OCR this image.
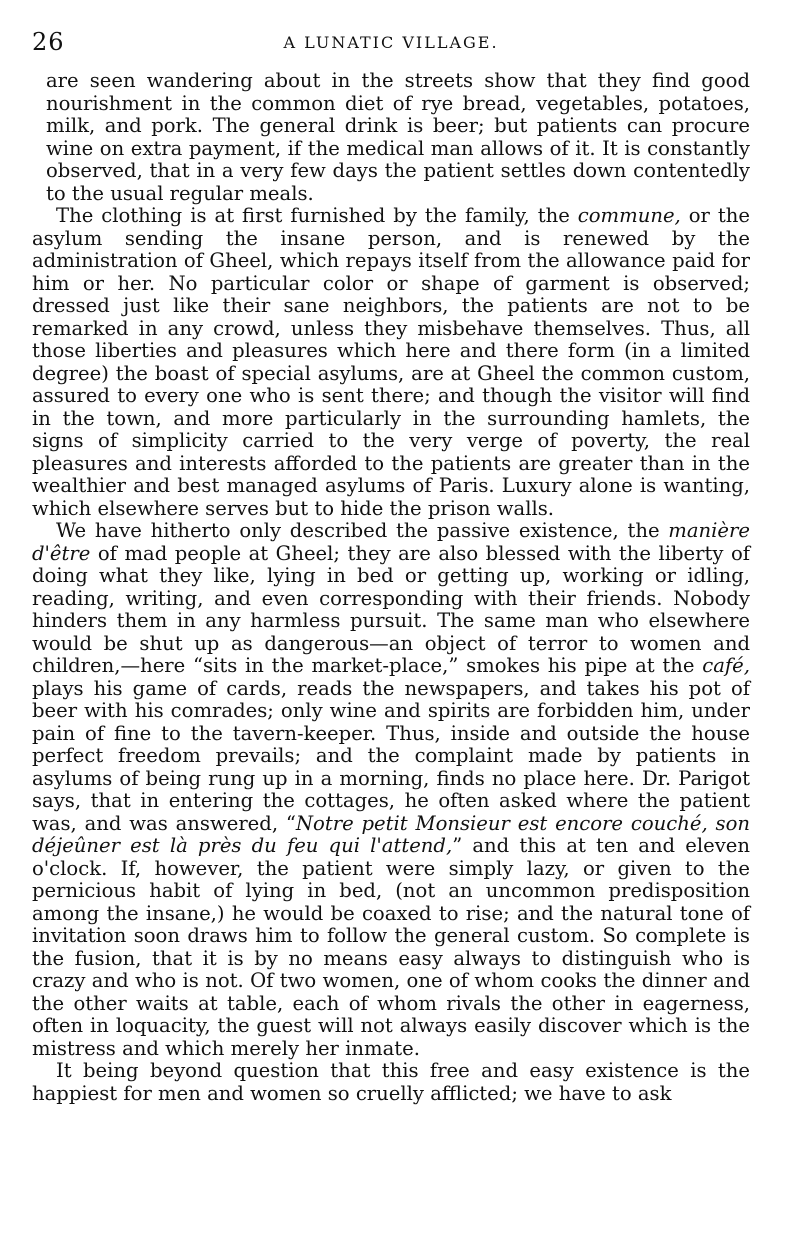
26	A LUNATIC VILLAGE.

are seen wandering about in the streets show that they find good nourishment in the common diet of rye bread, vegetables, potatoes, milk, and pork. The general drink is beer; but patients can procure wine on extra payment, if the medical man allows of it. It is constantly observed, that in a very few days the patient settles down contentedly to the usual regular meals.

The clothing is at first furnished by the family, the commune, or the asylum sending the insane person, and is renewed by the administration of Gheel, which repays itself from the allowance paid for him or her. No particular color or shape of garment is observed; dressed just like their sane neighbors, the patients are not to be remarked in any crowd, unless they misbehave themselves. Thus, all those liberties and pleasures which here and there form (in a limited degree) the boast of special asylums, are at Gheel the common custom, assured to every one who is sent there; and though the visitor will find in the town, and more particularly in the surrounding hamlets, the signs of simplicity carried to the very verge of poverty, the real pleasures and interests afforded to the patients are greater than in the wealthier and best managed asylums of Paris. Luxury alone is wanting, which elsewhere serves but to hide the prison walls.

We have hitherto only described the passive existence, the manière d'être of mad people at Gheel; they are also blessed with the liberty of doing what they like, lying in bed or getting up, working or idling, reading, writing, and even corresponding with their friends. Nobody hinders them in any harmless pursuit. The same man who elsewhere would be shut up as dangerous—an object of terror to women and children,—here “sits in the market-place,” smokes his pipe at the café, plays his game of cards, reads the newspapers, and takes his pot of beer with his comrades; only wine and spirits are forbidden him, under pain of fine to the tavern-keeper. Thus, inside and outside the house perfect freedom prevails; and the complaint made by patients in asylums of being rung up in a morning, finds no place here. Dr. Parigot says, that in entering the cottages, he often asked where the patient was, and was answered, “Notre petit Monsieur est encore couché, son déjeûner est là près du feu qui l'attend,” and this at ten and eleven o'clock. If, however, the patient were simply lazy, or given to the pernicious habit of lying in bed, (not an uncommon predisposition among the insane,) he would be coaxed to rise; and the natural tone of invitation soon draws him to follow the general custom. So complete is the fusion, that it is by no means easy always to distinguish who is crazy and who is not. Of two women, one of whom cooks the dinner and the other waits at table, each of whom rivals the other in eagerness, often in loquacity, the guest will not always easily discover which is the mistress and which merely her inmate.

It being beyond question that this free and easy existence is the happiest for men and women so cruelly afflicted; we have to ask
